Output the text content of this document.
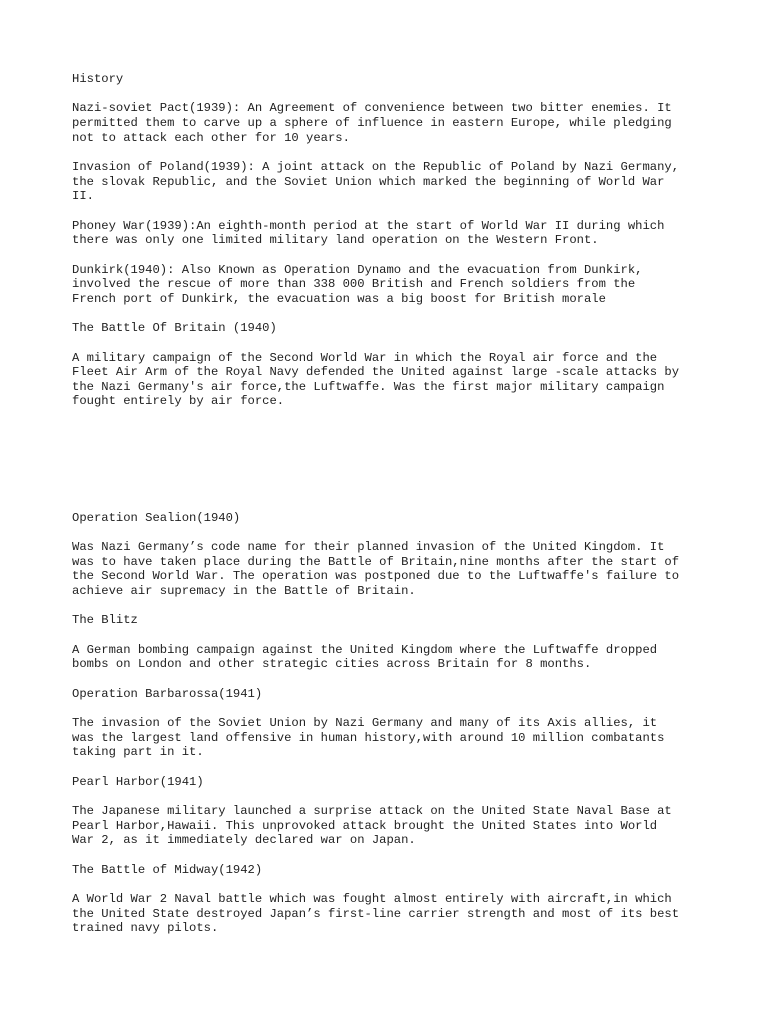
History
Nazi-soviet Pact(1939): An Agreement of convenience between two bitter enemies. It
permitted them to carve up a sphere of influence in eastern Europe, while pledging
not to attack each other for 10 years.
Invasion of Poland(1939): A joint attack on the Republic of Poland by Nazi Germany,
the slovak Republic, and the Soviet Union which marked the beginning of World War
II.
Phoney War(1939):An eighth-month period at the start of World War II during which
there was only one limited military land operation on the Western Front.
Dunkirk(1940): Also Known as Operation Dynamo and the evacuation from Dunkirk,
involved the rescue of more than 338 000 British and French soldiers from the
French port of Dunkirk, the evacuation was a big boost for British morale
The Battle Of Britain (1940)
A military campaign of the Second World War in which the Royal air force and the
Fleet Air Arm of the Royal Navy defended the United against large -scale attacks by
the Nazi Germany's air force,the Luftwaffe. Was the first major military campaign
fought entirely by air force.
Operation Sealion(1940)
Was Nazi Germany’s code name for their planned invasion of the United Kingdom. It
was to have taken place during the Battle of Britain,nine months after the start of
the Second World War. The operation was postponed due to the Luftwaffe's failure to
achieve air supremacy in the Battle of Britain.
The Blitz
A German bombing campaign against the United Kingdom where the Luftwaffe dropped
bombs on London and other strategic cities across Britain for 8 months.
Operation Barbarossa(1941)
The invasion of the Soviet Union by Nazi Germany and many of its Axis allies, it
was the largest land offensive in human history,with around 10 million combatants
taking part in it.
Pearl Harbor(1941)
The Japanese military launched a surprise attack on the United State Naval Base at
Pearl Harbor,Hawaii. This unprovoked attack brought the United States into World
War 2, as it immediately declared war on Japan.
The Battle of Midway(1942)
A World War 2 Naval battle which was fought almost entirely with aircraft,in which
the United State destroyed Japan’s first-line carrier strength and most of its best
trained navy pilots.
